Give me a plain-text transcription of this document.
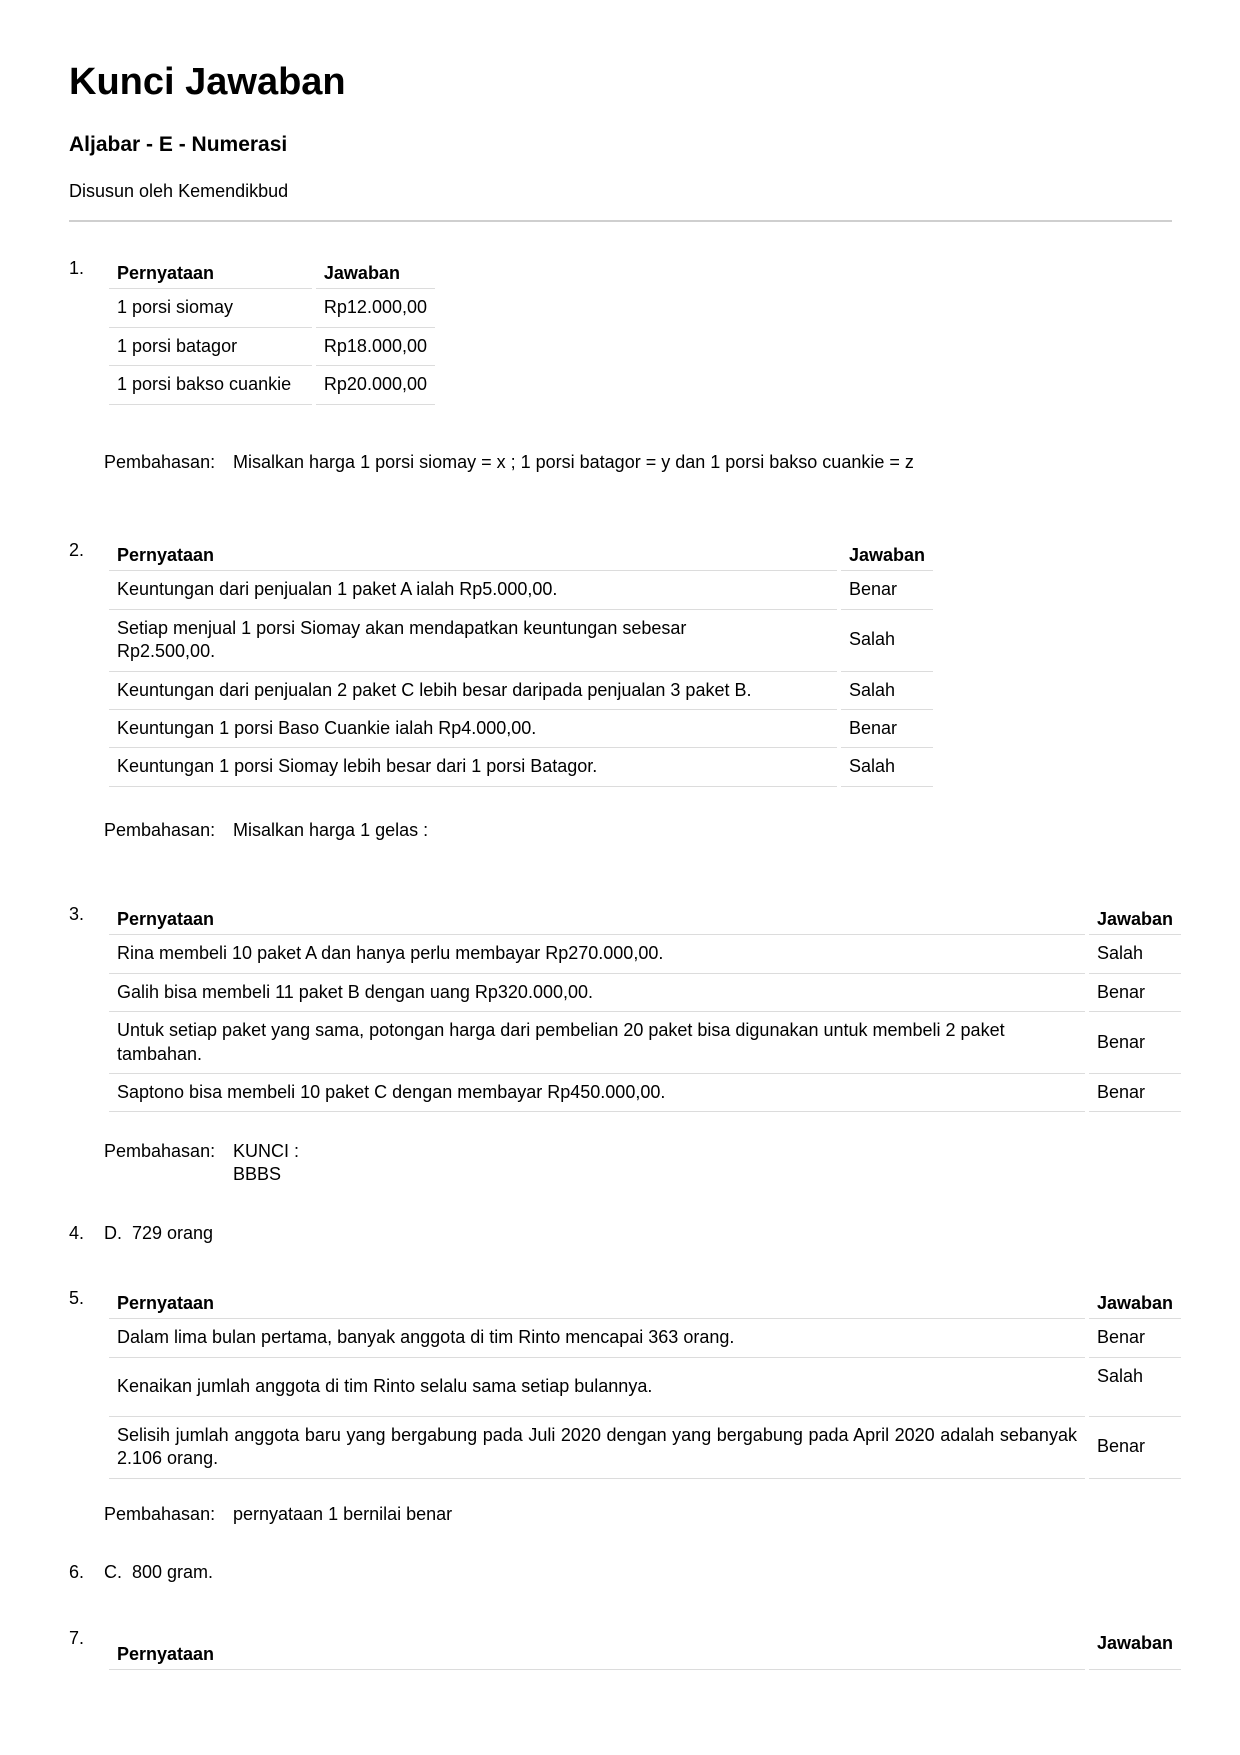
Kunci Jawaban
Aljabar - E - Numerasi
Disusun oleh Kemendikbud
1. Pernyataan	Jawaban
1 porsi siomay	Rp12.000,00
1 porsi batagor	Rp18.000,00
1 porsi bakso cuankie	Rp20.000,00
Pembahasan: Misalkan harga 1 porsi siomay = x ; 1 porsi batagor = y dan 1 porsi bakso cuankie = z
2. Pernyataan	Jawaban
Keuntungan dari penjualan 1 paket A ialah Rp5.000,00.	Benar
Setiap menjual 1 porsi Siomay akan mendapatkan keuntungan sebesar Rp2.500,00.	Salah
Keuntungan dari penjualan 2 paket C lebih besar daripada penjualan 3 paket B.	Salah
Keuntungan 1 porsi Baso Cuankie ialah Rp4.000,00.	Benar
Keuntungan 1 porsi Siomay lebih besar dari 1 porsi Batagor.	Salah
Pembahasan: Misalkan harga 1 gelas :
3. Pernyataan	Jawaban
Rina membeli 10 paket A dan hanya perlu membayar Rp270.000,00.	Salah
Galih bisa membeli 11 paket B dengan uang Rp320.000,00.	Benar
Untuk setiap paket yang sama, potongan harga dari pembelian 20 paket bisa digunakan untuk membeli 2 paket tambahan.	Benar
Saptono bisa membeli 10 paket C dengan membayar Rp450.000,00.	Benar
Pembahasan: KUNCI : BBBS
4. D. 729 orang
5. Pernyataan	Jawaban
Dalam lima bulan pertama, banyak anggota di tim Rinto mencapai 363 orang.	Benar
Kenaikan jumlah anggota di tim Rinto selalu sama setiap bulannya.	Salah
Selisih jumlah anggota baru yang bergabung pada Juli 2020 dengan yang bergabung pada April 2020 adalah sebanyak 2.106 orang.	Benar
Pembahasan: pernyataan 1 bernilai benar
6. C. 800 gram.
7.
Pernyataan	Jawaban
